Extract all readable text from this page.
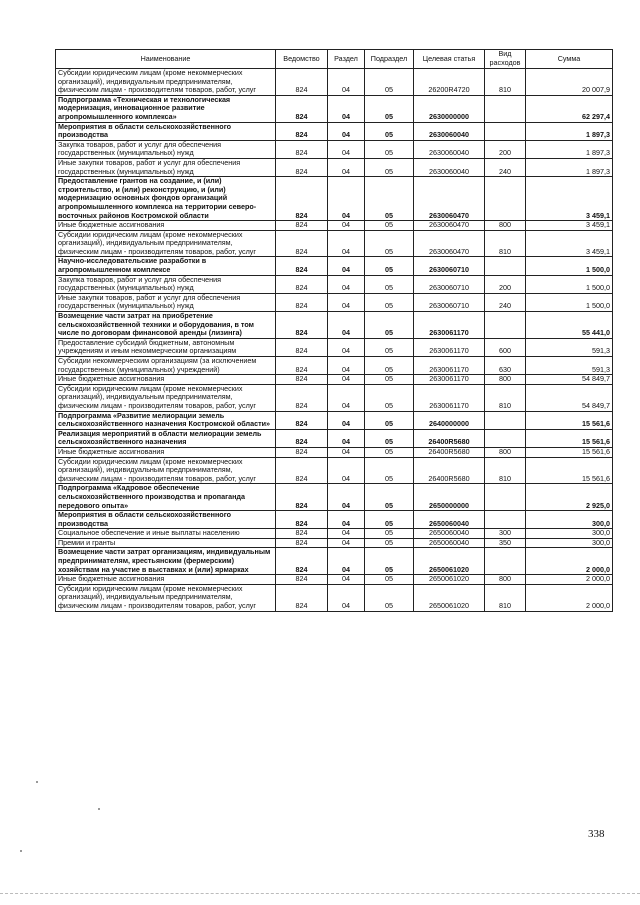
Наименование	Ведомство	Раздел	Подраздел	Целевая статья	Вид расходов	Сумма
Субсидии юридическим лицам (кроме некоммерческих организаций), индивидуальным предпринимателям, физическим лицам - производителям товаров, работ, услуг	824	04	05	26200R4720	810	20 007,9
Подпрограмма «Техническая и технологическая модернизация, инновационное развитие агропромышленного комплекса»	824	04	05	2630000000		62 297,4
Мероприятия в области сельскохозяйственного производства	824	04	05	2630060040		1 897,3
Закупка товаров, работ и услуг для обеспечения государственных (муниципальных) нужд	824	04	05	2630060040	200	1 897,3
Иные закупки товаров, работ и услуг для обеспечения государственных (муниципальных) нужд	824	04	05	2630060040	240	1 897,3
Предоставление грантов на создание, и (или) строительство, и (или) реконструкцию, и (или) модернизацию основных фондов организаций агропромышленного комплекса на территории северо-восточных районов Костромской области	824	04	05	2630060470		3 459,1
Иные бюджетные ассигнования	824	04	05	2630060470	800	3 459,1
Субсидии юридическим лицам (кроме некоммерческих организаций), индивидуальным предпринимателям, физическим лицам - производителям товаров, работ, услуг	824	04	05	2630060470	810	3 459,1
Научно-исследовательские разработки в агропромышленном комплексе	824	04	05	2630060710		1 500,0
Закупка товаров, работ и услуг для обеспечения государственных (муниципальных) нужд	824	04	05	2630060710	200	1 500,0
Иные закупки товаров, работ и услуг для обеспечения государственных (муниципальных) нужд	824	04	05	2630060710	240	1 500,0
Возмещение части затрат на приобретение сельскохозяйственной техники и оборудования, в том числе по договорам финансовой аренды (лизинга)	824	04	05	2630061170		55 441,0
Предоставление субсидий бюджетным, автономным учреждениям и иным некоммерческим организациям	824	04	05	2630061170	600	591,3
Субсидии некоммерческим организациям (за исключением государственных (муниципальных) учреждений)	824	04	05	2630061170	630	591,3
Иные бюджетные ассигнования	824	04	05	2630061170	800	54 849,7
Субсидии юридическим лицам (кроме некоммерческих организаций), индивидуальным предпринимателям, физическим лицам - производителям товаров, работ, услуг	824	04	05	2630061170	810	54 849,7
Подпрограмма «Развитие мелиорации земель сельскохозяйственного назначения Костромской области»	824	04	05	2640000000		15 561,6
Реализация мероприятий в области мелиорации земель сельскохозяйственного назначения	824	04	05	26400R5680		15 561,6
Иные бюджетные ассигнования	824	04	05	26400R5680	800	15 561,6
Субсидии юридическим лицам (кроме некоммерческих организаций), индивидуальным предпринимателям, физическим лицам - производителям товаров, работ, услуг	824	04	05	26400R5680	810	15 561,6
Подпрограмма «Кадровое обеспечение сельскохозяйственного производства и пропаганда передового опыта»	824	04	05	2650000000		2 925,0
Мероприятия в области сельскохозяйственного производства	824	04	05	2650060040		300,0
Социальное обеспечение и иные выплаты населению	824	04	05	2650060040	300	300,0
Премии и гранты	824	04	05	2650060040	350	300,0
Возмещение части затрат организациям, индивидуальным предпринимателям, крестьянским (фермерским) хозяйствам на участие в выставках и (или) ярмарках	824	04	05	2650061020		2 000,0
Иные бюджетные ассигнования	824	04	05	2650061020	800	2 000,0
Субсидии юридическим лицам (кроме некоммерческих организаций), индивидуальным предпринимателям, физическим лицам - производителям товаров, работ, услуг	824	04	05	2650061020	810	2 000,0
338
